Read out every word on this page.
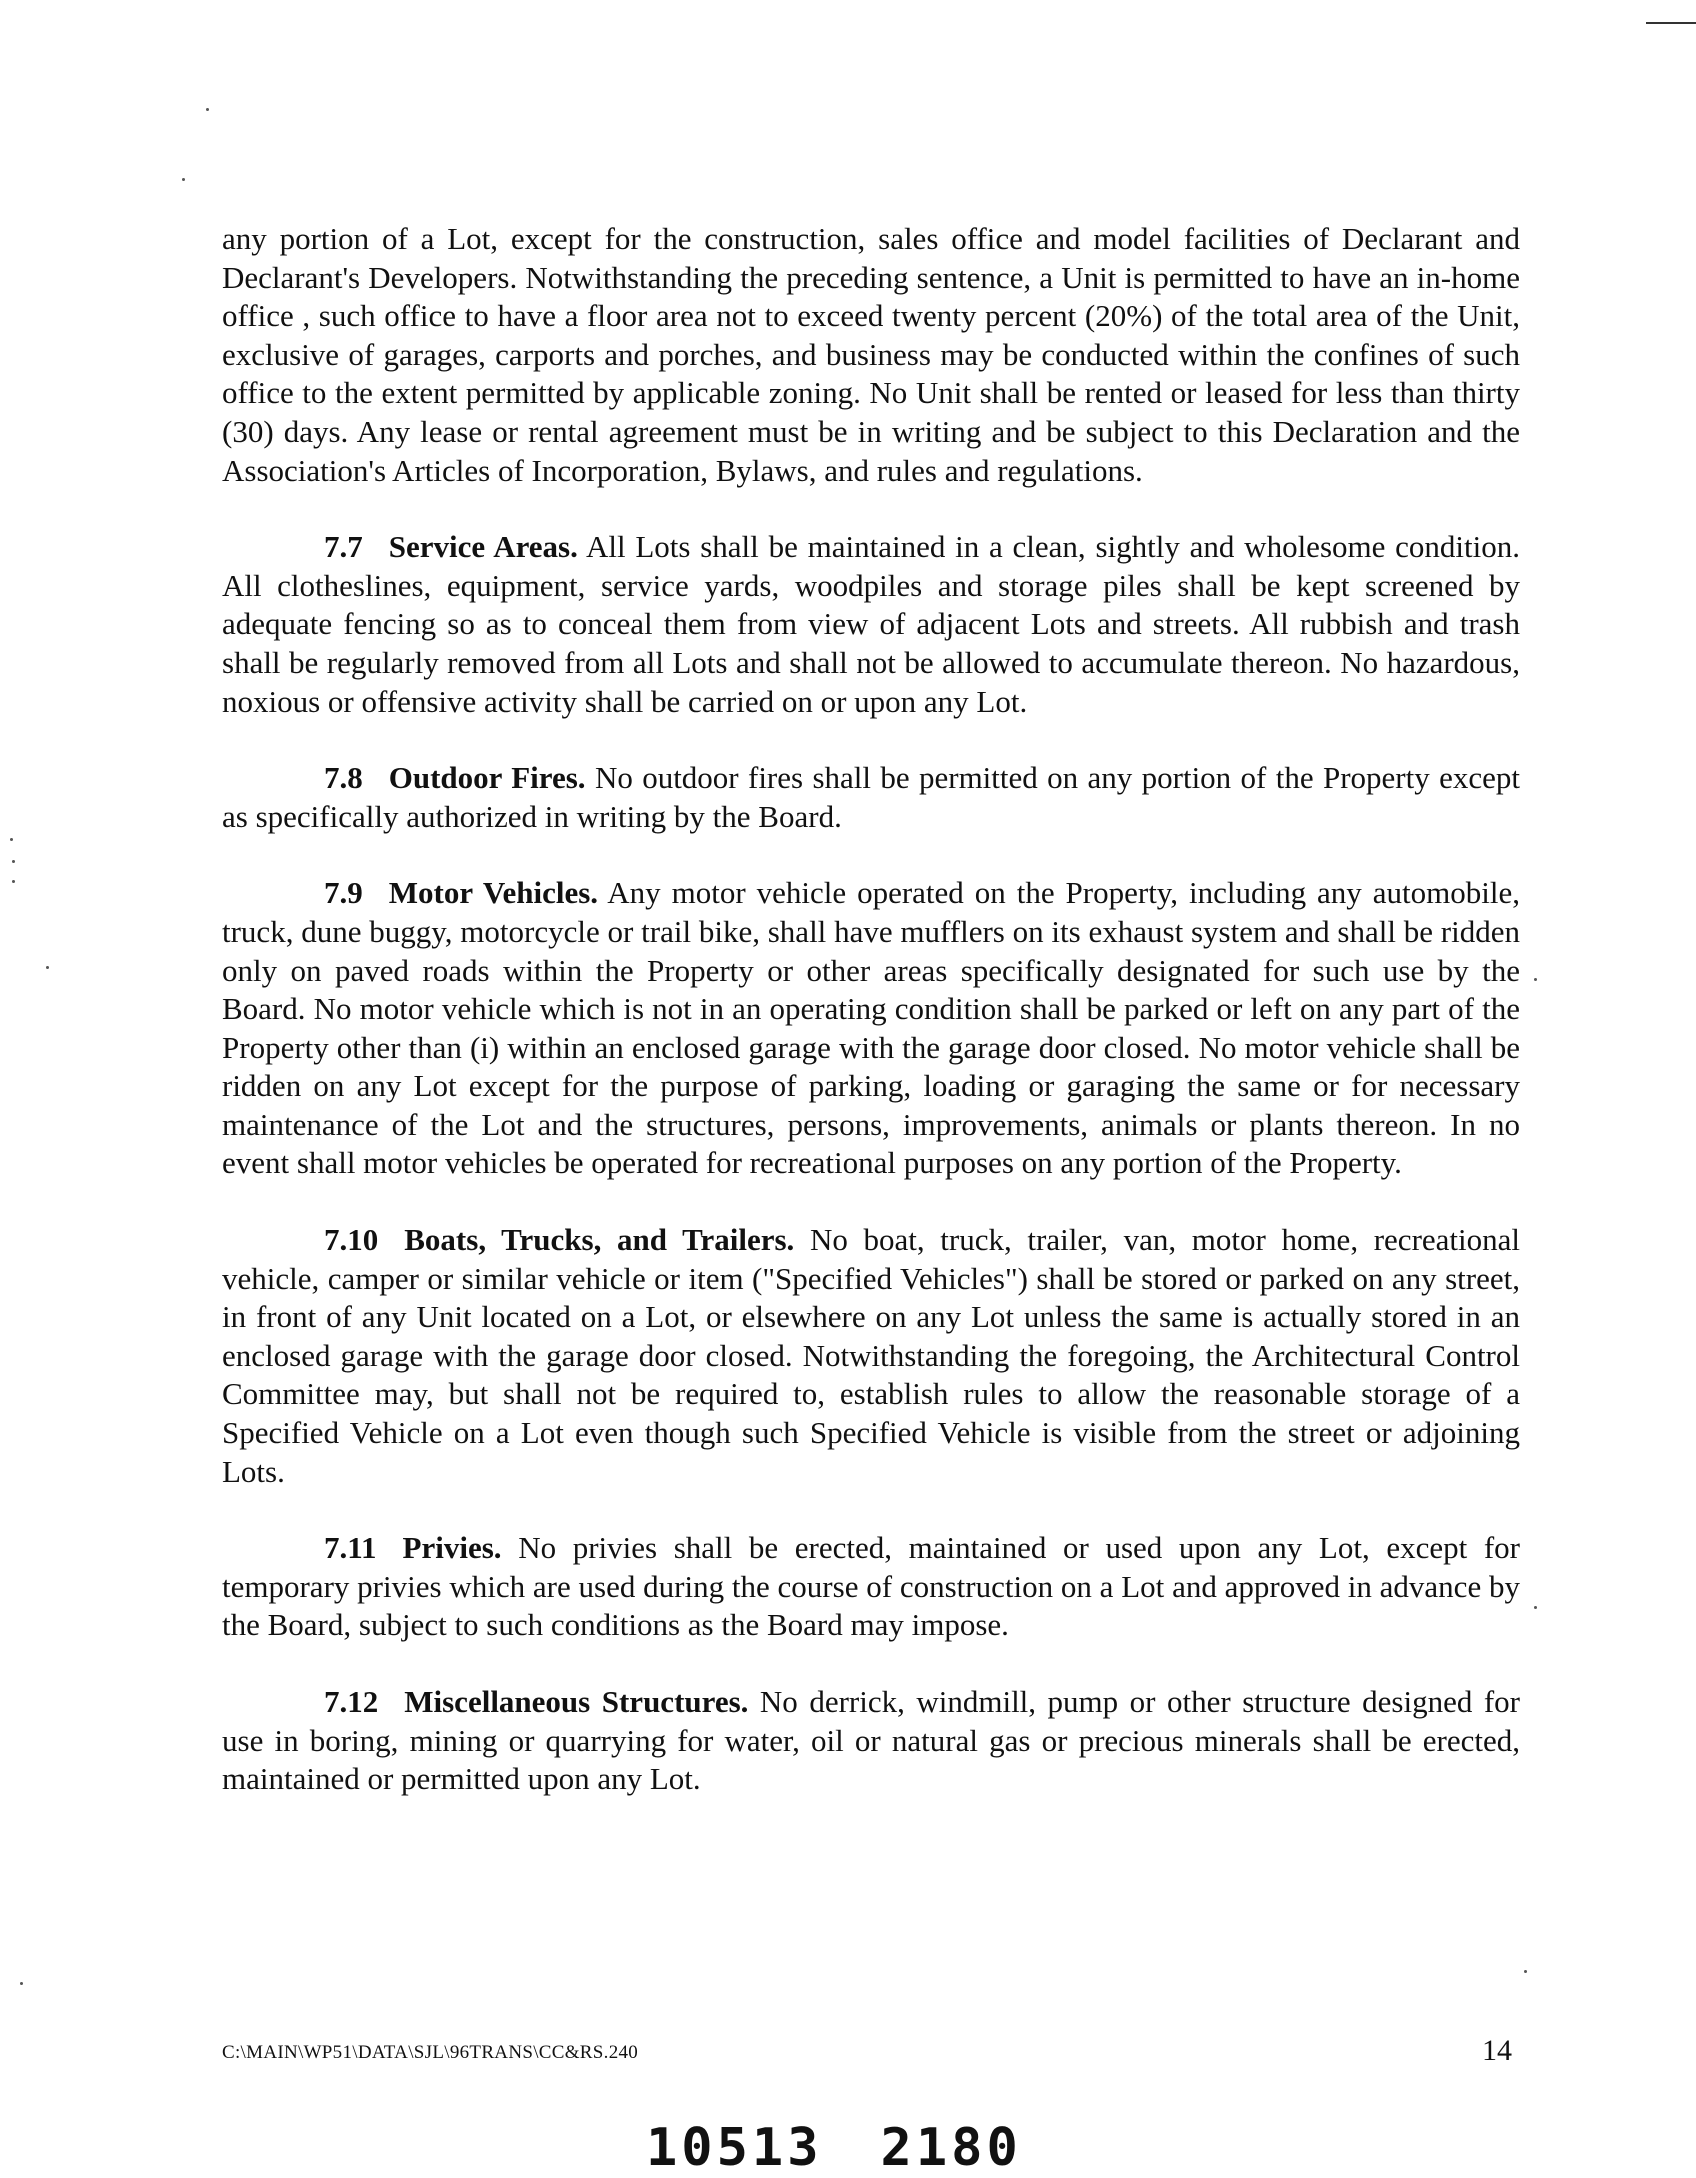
any portion of a Lot, except for the construction, sales office and model facilities of Declarant and Declarant's Developers. Notwithstanding the preceding sentence, a Unit is permitted to have an in-home office , such office to have a floor area not to exceed twenty percent (20%) of the total area of the Unit, exclusive of garages, carports and porches, and business may be conducted within the confines of such office to the extent permitted by applicable zoning. No Unit shall be rented or leased for less than thirty (30) days. Any lease or rental agreement must be in writing and be subject to this Declaration and the Association's Articles of Incorporation, Bylaws, and rules and regulations.

7.7 Service Areas. All Lots shall be maintained in a clean, sightly and wholesome condition. All clotheslines, equipment, service yards, woodpiles and storage piles shall be kept screened by adequate fencing so as to conceal them from view of adjacent Lots and streets. All rubbish and trash shall be regularly removed from all Lots and shall not be allowed to accumulate thereon. No hazardous, noxious or offensive activity shall be carried on or upon any Lot.

7.8 Outdoor Fires. No outdoor fires shall be permitted on any portion of the Property except as specifically authorized in writing by the Board.

7.9 Motor Vehicles. Any motor vehicle operated on the Property, including any automobile, truck, dune buggy, motorcycle or trail bike, shall have mufflers on its exhaust system and shall be ridden only on paved roads within the Property or other areas specifically designated for such use by the Board. No motor vehicle which is not in an operating condition shall be parked or left on any part of the Property other than (i) within an enclosed garage with the garage door closed. No motor vehicle shall be ridden on any Lot except for the purpose of parking, loading or garaging the same or for necessary maintenance of the Lot and the structures, persons, improvements, animals or plants thereon. In no event shall motor vehicles be operated for recreational purposes on any portion of the Property.

7.10 Boats, Trucks, and Trailers. No boat, truck, trailer, van, motor home, recreational vehicle, camper or similar vehicle or item ("Specified Vehicles") shall be stored or parked on any street, in front of any Unit located on a Lot, or elsewhere on any Lot unless the same is actually stored in an enclosed garage with the garage door closed. Notwithstanding the foregoing, the Architectural Control Committee may, but shall not be required to, establish rules to allow the reasonable storage of a Specified Vehicle on a Lot even though such Specified Vehicle is visible from the street or adjoining Lots.

7.11 Privies. No privies shall be erected, maintained or used upon any Lot, except for temporary privies which are used during the course of construction on a Lot and approved in advance by the Board, subject to such conditions as the Board may impose.

7.12 Miscellaneous Structures. No derrick, windmill, pump or other structure designed for use in boring, mining or quarrying for water, oil or natural gas or precious minerals shall be erected, maintained or permitted upon any Lot.

C:\MAIN\WP51\DATA\SJL\96TRANS\CC&RS.240	14
10513 2180
